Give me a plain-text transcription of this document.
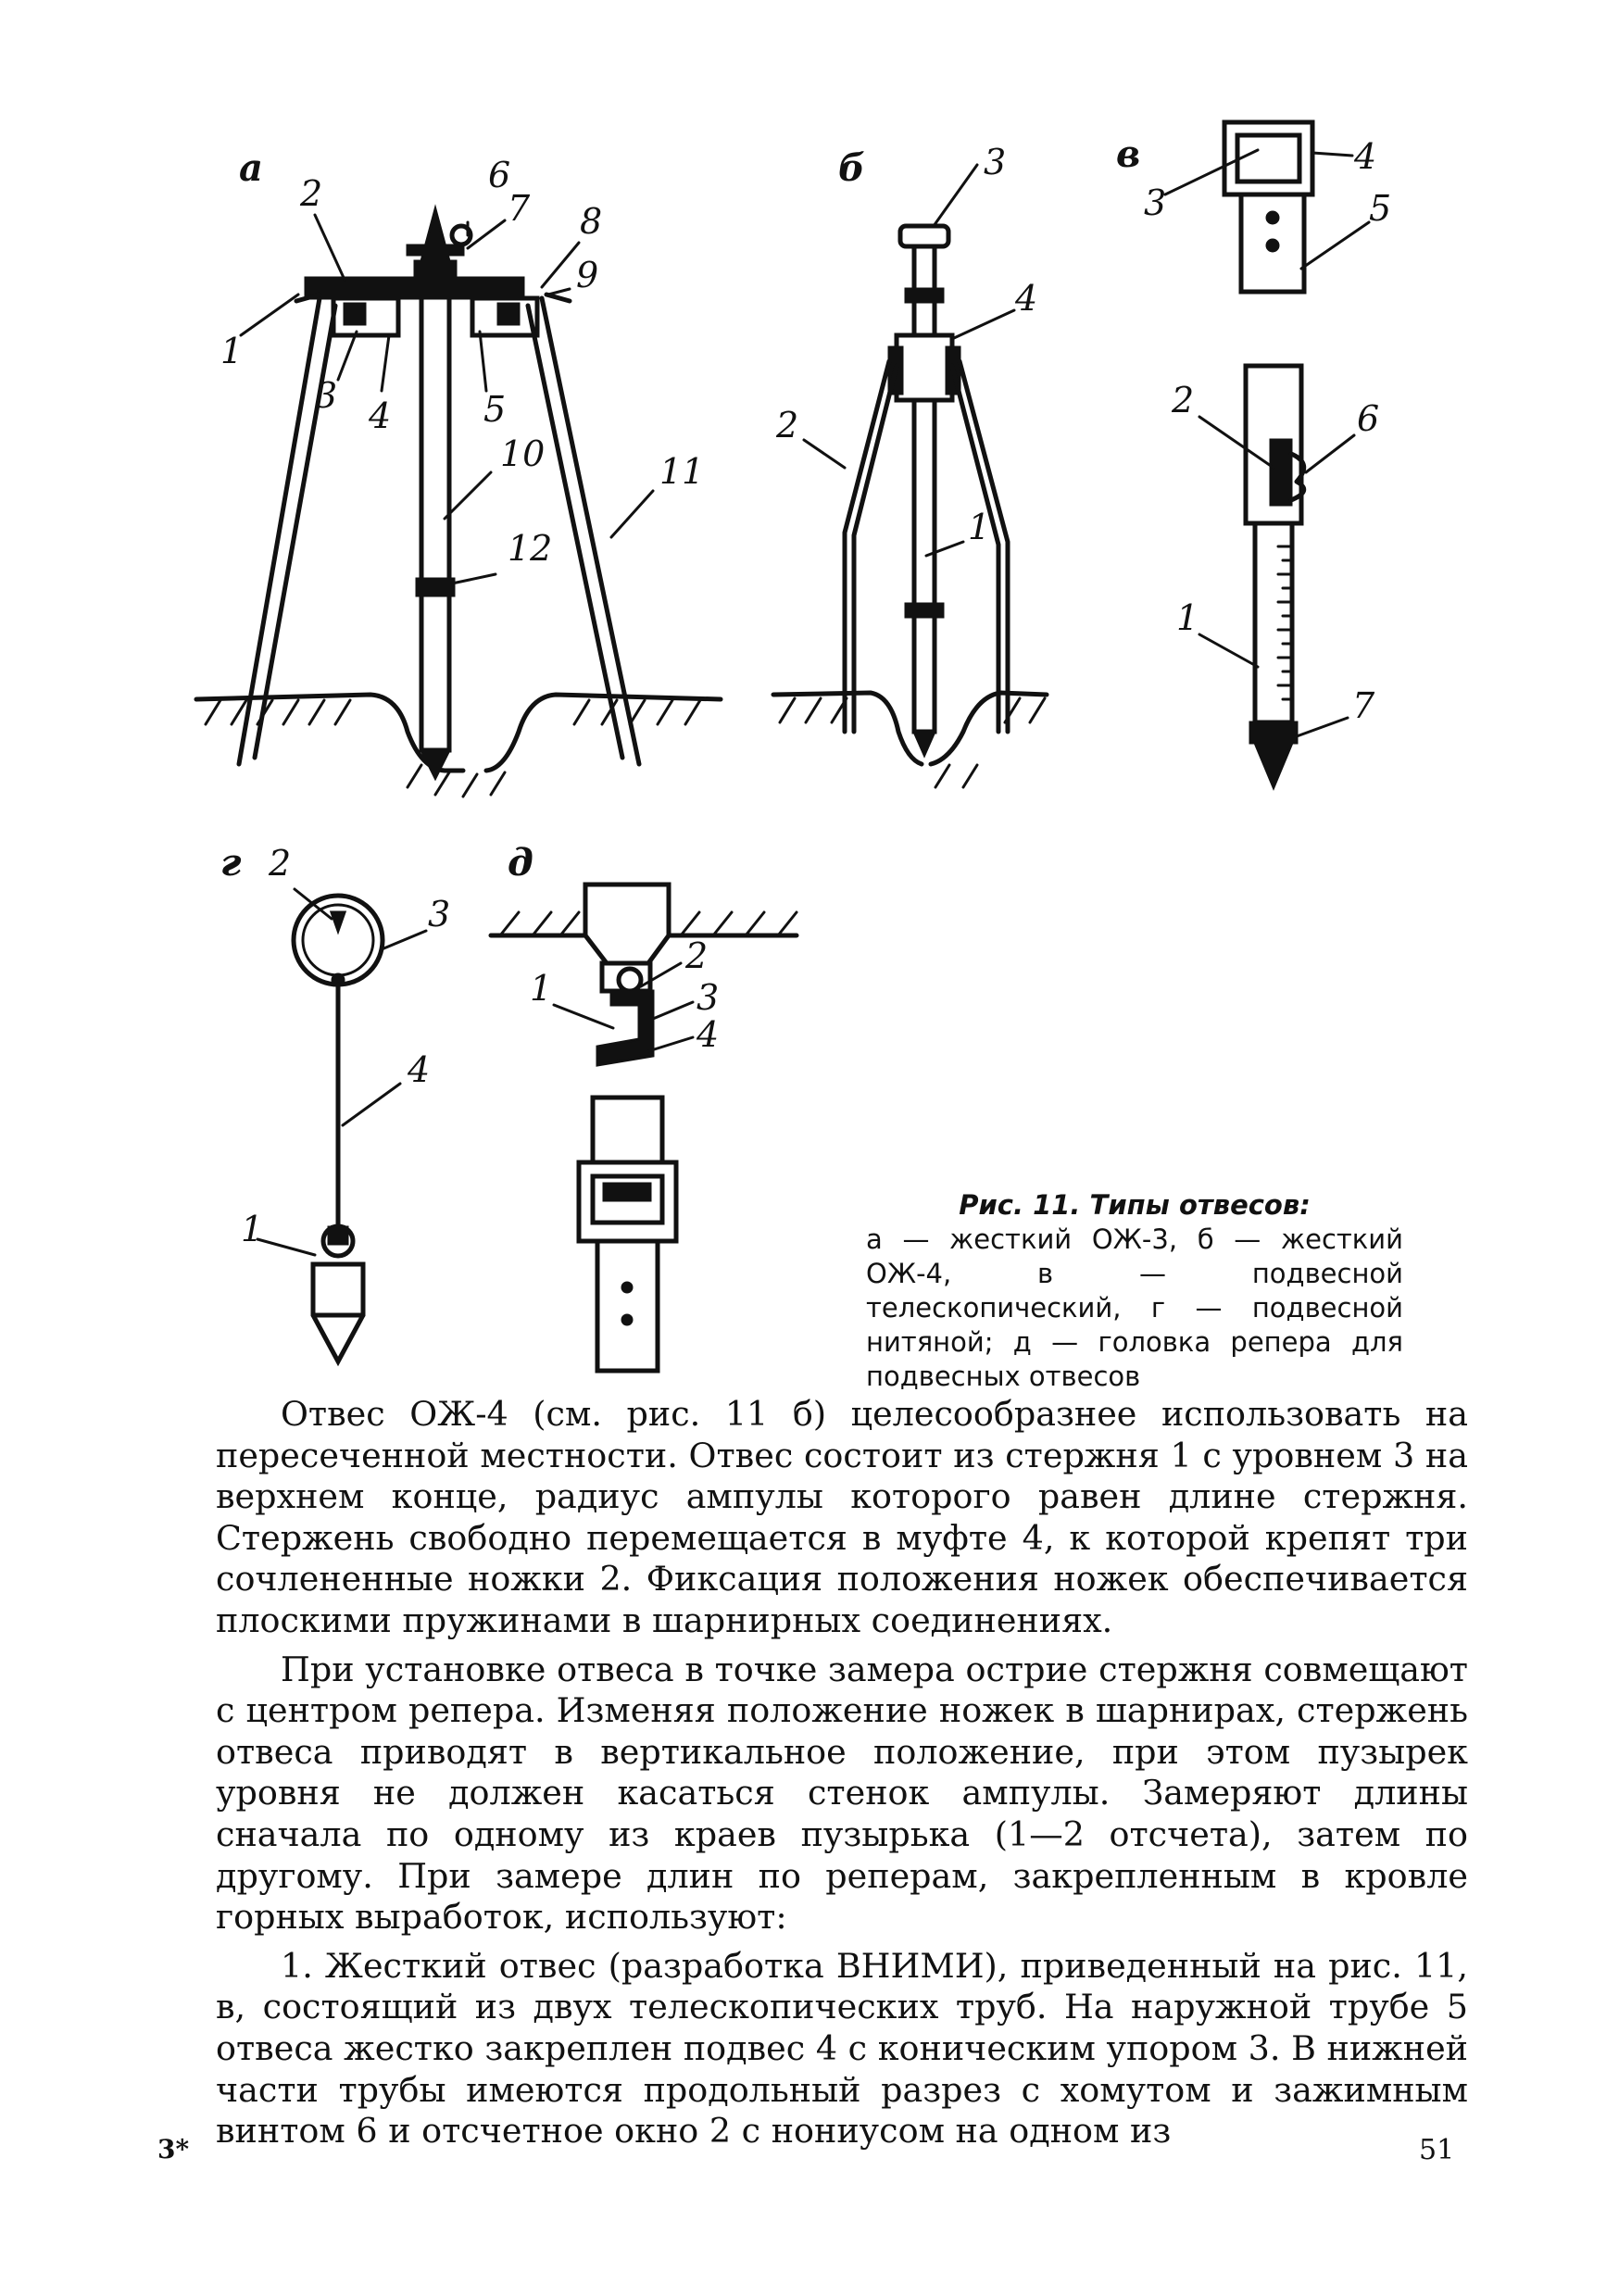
а
1
2
3 4	5
6
7 8
9
10	11
12
б	3
4
2
1
в
3
4
5
2	6
1
7
г 2
3
4
1
д
2
1	3
4
Рис. 11. Типы отвесов:
а — жесткий ОЖ-3, б — жесткий ОЖ-4, в — подвесной телескопический, г — подвесной нитяной; д — головка репера для подвесных отвесов

Отвес ОЖ-4 (см. рис. 11 б) целесообразнее использовать на пересеченной местности. Отвес состоит из стержня 1 с уровнем 3 на верхнем конце, радиус ампулы которого равен длине стержня. Стержень свободно перемещается в муфте 4, к которой крепят три сочлененные ножки 2. Фиксация положения ножек обеспечивается плоскими пружинами в шарнирных соединениях.

При установке отвеса в точке замера острие стержня совмещают с центром репера. Изменяя положение ножек в шарнирах, стержень отвеса приводят в вертикальное положение, при этом пузырек уровня не должен касаться стенок ампулы. Замеряют длины сначала по одному из краев пузырька (1—2 отсчета), затем по другому. При замере длин по реперам, закрепленным в кровле горных выработок, используют:

1. Жесткий отвес (разработка ВНИМИ), приведенный на рис. 11, в, состоящий из двух телескопических труб. На наружной трубе 5 отвеса жестко закреплен подвес 4 с коническим упором 3. В нижней части трубы имеются продольный разрез с хомутом и зажимным винтом 6 и отсчетное окно 2 с нониусом на одном из

3*	51
